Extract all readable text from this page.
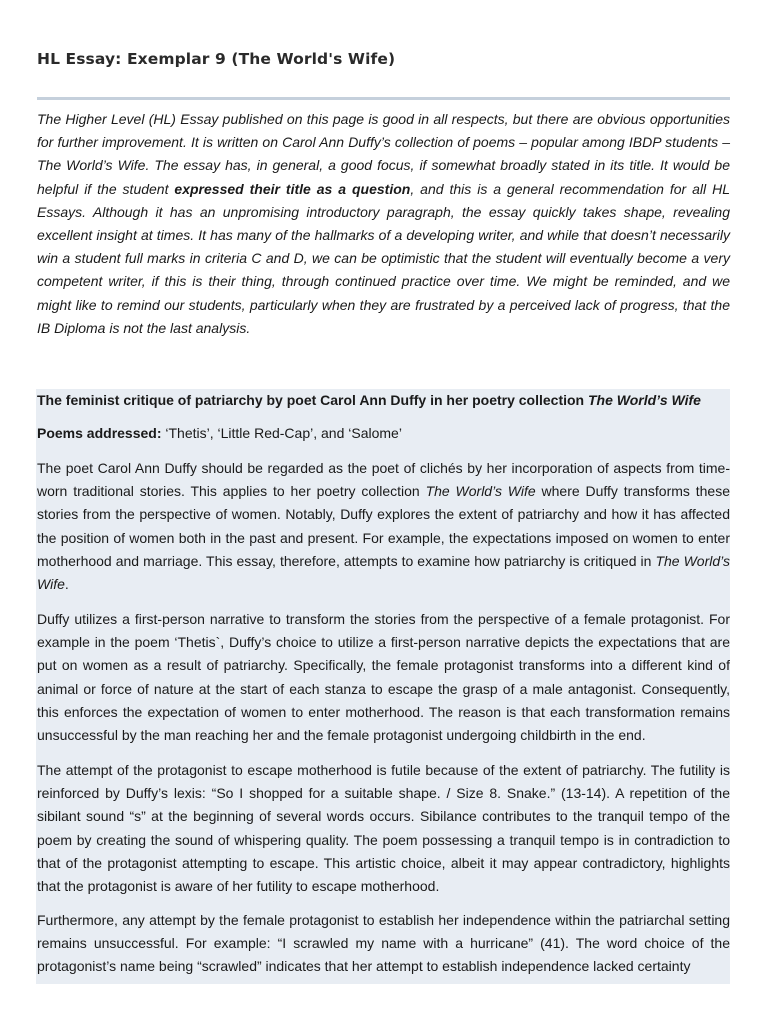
HL Essay: Exemplar 9 (The World's Wife)

The Higher Level (HL) Essay published on this page is good in all respects, but there are obvious opportunities for further improvement. It is written on Carol Ann Duffy’s collection of poems – popular among IBDP students – The World’s Wife. The essay has, in general, a good focus, if somewhat broadly stated in its title. It would be helpful if the student expressed their title as a question, and this is a general recommendation for all HL Essays. Although it has an unpromising introductory paragraph, the essay quickly takes shape, revealing excellent insight at times. It has many of the hallmarks of a developing writer, and while that doesn’t necessarily win a student full marks in criteria C and D, we can be optimistic that the student will eventually become a very competent writer, if this is their thing, through continued practice over time. We might be reminded, and we might like to remind our students, particularly when they are frustrated by a perceived lack of progress, that the IB Diploma is not the last analysis.

The feminist critique of patriarchy by poet Carol Ann Duffy in her poetry collection The World’s Wife

Poems addressed: ‘Thetis’, ‘Little Red-Cap’, and ‘Salome’

The poet Carol Ann Duffy should be regarded as the poet of clichés by her incorporation of aspects from time-worn traditional stories. This applies to her poetry collection The World’s Wife where Duffy transforms these stories from the perspective of women. Notably, Duffy explores the extent of patriarchy and how it has affected the position of women both in the past and present. For example, the expectations imposed on women to enter motherhood and marriage. This essay, therefore, attempts to examine how patriarchy is critiqued in The World’s Wife.

Duffy utilizes a first-person narrative to transform the stories from the perspective of a female protagonist. For example in the poem ‘Thetis`, Duffy’s choice to utilize a first-person narrative depicts the expectations that are put on women as a result of patriarchy. Specifically, the female protagonist transforms into a different kind of animal or force of nature at the start of each stanza to escape the grasp of a male antagonist. Consequently, this enforces the expectation of women to enter motherhood. The reason is that each transformation remains unsuccessful by the man reaching her and the female protagonist undergoing childbirth in the end.

The attempt of the protagonist to escape motherhood is futile because of the extent of patriarchy. The futility is reinforced by Duffy’s lexis: “So I shopped for a suitable shape. / Size 8. Snake.” (13-14). A repetition of the sibilant sound “s” at the beginning of several words occurs. Sibilance contributes to the tranquil tempo of the poem by creating the sound of whispering quality. The poem possessing a tranquil tempo is in contradiction to that of the protagonist attempting to escape. This artistic choice, albeit it may appear contradictory, highlights that the protagonist is aware of her futility to escape motherhood.

Furthermore, any attempt by the female protagonist to establish her independence within the patriarchal setting remains unsuccessful. For example: “I scrawled my name with a hurricane” (41). The word choice of the protagonist’s name being “scrawled” indicates that her attempt to establish independence lacked certainty
